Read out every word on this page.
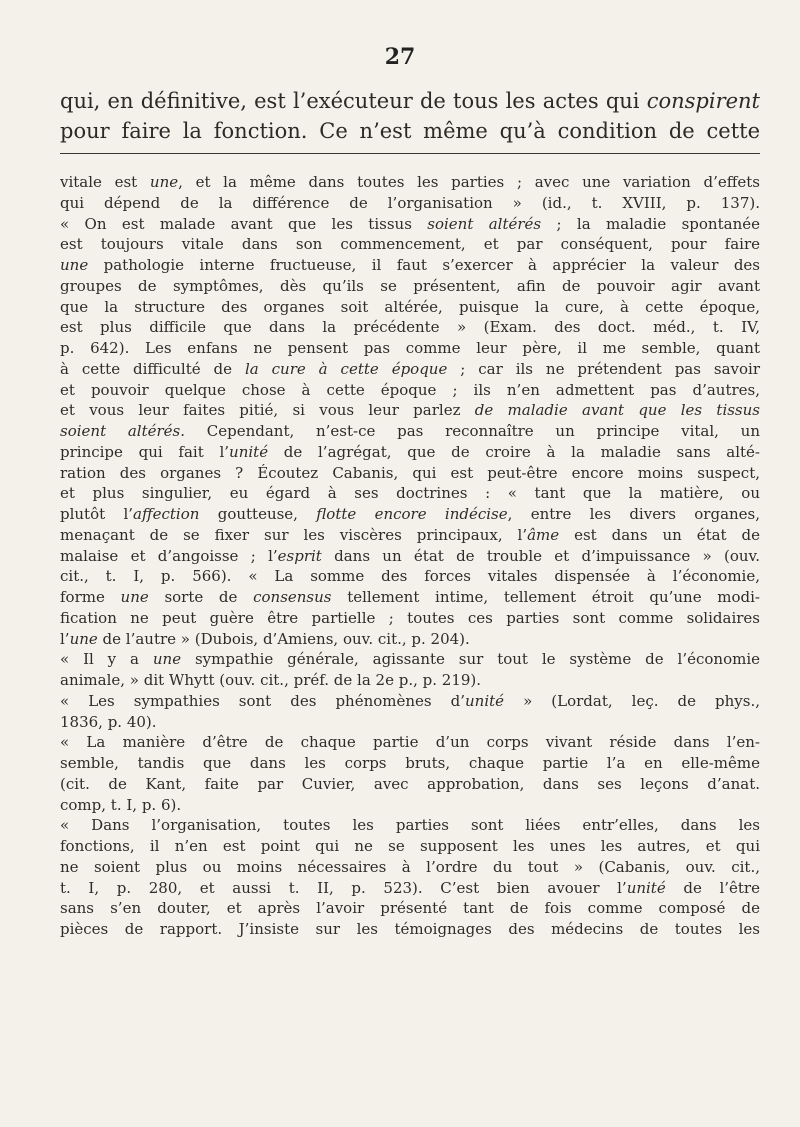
27
qui, en définitive, est l’exécuteur de tous les actes qui conspirent
pour faire la fonction. Ce n’est même qu’à condition de cette
vitale est une, et la même dans toutes les parties ; avec une variation d’effets
qui dépend de la différence de l’organisation » (id., t. XVIII, p. 137).
« On est malade avant que les tissus soient altérés ; la maladie spontanée
est toujours vitale dans son commencement, et par conséquent, pour faire
une pathologie interne fructueuse, il faut s’exercer à apprécier la valeur des
groupes de symptômes, dès qu’ils se présentent, afin de pouvoir agir avant
que la structure des organes soit altérée, puisque la cure, à cette époque,
est plus difficile que dans la précédente » (Exam. des doct. méd., t. IV,
p. 642). Les enfans ne pensent pas comme leur père, il me semble, quant
à cette difficulté de la cure à cette époque ; car ils ne prétendent pas savoir
et pouvoir quelque chose à cette époque ; ils n’en admettent pas d’autres,
et vous leur faites pitié, si vous leur parlez de maladie avant que les tissus
soient altérés. Cependant, n’est-ce pas reconnaître un principe vital, un
principe qui fait l’unité de l’agrégat, que de croire à la maladie sans alté-
ration des organes ? Écoutez Cabanis, qui est peut-être encore moins suspect,
et plus singulier, eu égard à ses doctrines : « tant que la matière, ou
plutôt l’affection goutteuse, flotte encore indécise, entre les divers organes,
menaçant de se fixer sur les viscères principaux, l’âme est dans un état de
malaise et d’angoisse ; l’esprit dans un état de trouble et d’impuissance » (ouv.
cit., t. I, p. 566). « La somme des forces vitales dispensée à l’économie,
forme une sorte de consensus tellement intime, tellement étroit qu’une modi-
fication ne peut guère être partielle ; toutes ces parties sont comme solidaires
l’une de l’autre » (Dubois, d’Amiens, ouv. cit., p. 204).
« Il y a une sympathie générale, agissante sur tout le système de l’économie
animale, » dit Whytt (ouv. cit., préf. de la 2e p., p. 219).
« Les sympathies sont des phénomènes d’unité » (Lordat, leç. de phys.,
1836, p. 40).
« La manière d’être de chaque partie d’un corps vivant réside dans l’en-
semble, tandis que dans les corps bruts, chaque partie l’a en elle-même
(cit. de Kant, faite par Cuvier, avec approbation, dans ses leçons d’anat.
comp, t. I, p. 6).
« Dans l’organisation, toutes les parties sont liées entr’elles, dans les
fonctions, il n’en est point qui ne se supposent les unes les autres, et qui
ne soient plus ou moins nécessaires à l’ordre du tout » (Cabanis, ouv. cit.,
t. I, p. 280, et aussi t. II, p. 523). C’est bien avouer l’unité de l’être
sans s’en douter, et après l’avoir présenté tant de fois comme composé de
pièces de rapport. J’insiste sur les témoignages des médecins de toutes les
